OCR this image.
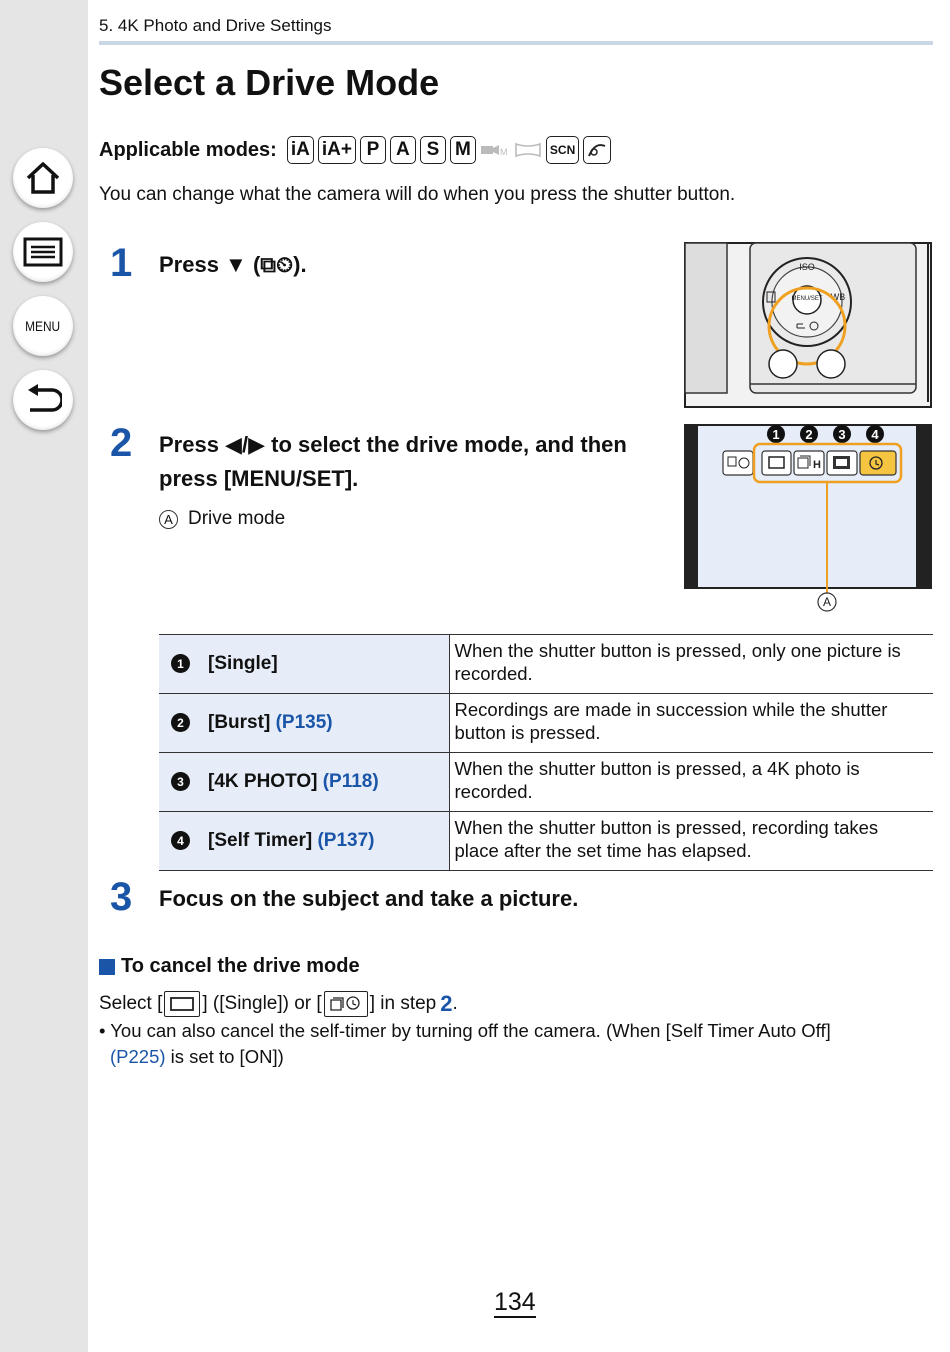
MENU
5. 4K Photo and Drive Settings
Select a Drive Mode
Applicable modes: iA iA+ P A S M	M	SCN
You can change what the camera will do when you press the shutter button.
1 Press ▼ (⧉⏲).	ISO
MENU/SET WB
2 Press ◀/▶ to select the drive mode, and then
press [MENU/SET].
A Drive mode
1 2 3 4
H
A
1 [Single]	When the shutter button is pressed, only one picture is recorded.
2 [Burst] (P135)	Recordings are made in succession while the shutter button is pressed.
3 [4K PHOTO] (P118)	When the shutter button is pressed, a 4K photo is recorded.
4 [Self Timer] (P137)	When the shutter button is pressed, recording takes place after the set time has elapsed.
3 Focus on the subject and take a picture.
To cancel the drive mode
Select [ ] ([Single]) or [	] in step 2 .
• You can also cancel the self-timer by turning off the camera. (When [Self Timer Auto Off]
(P225) is set to [ON])
134
